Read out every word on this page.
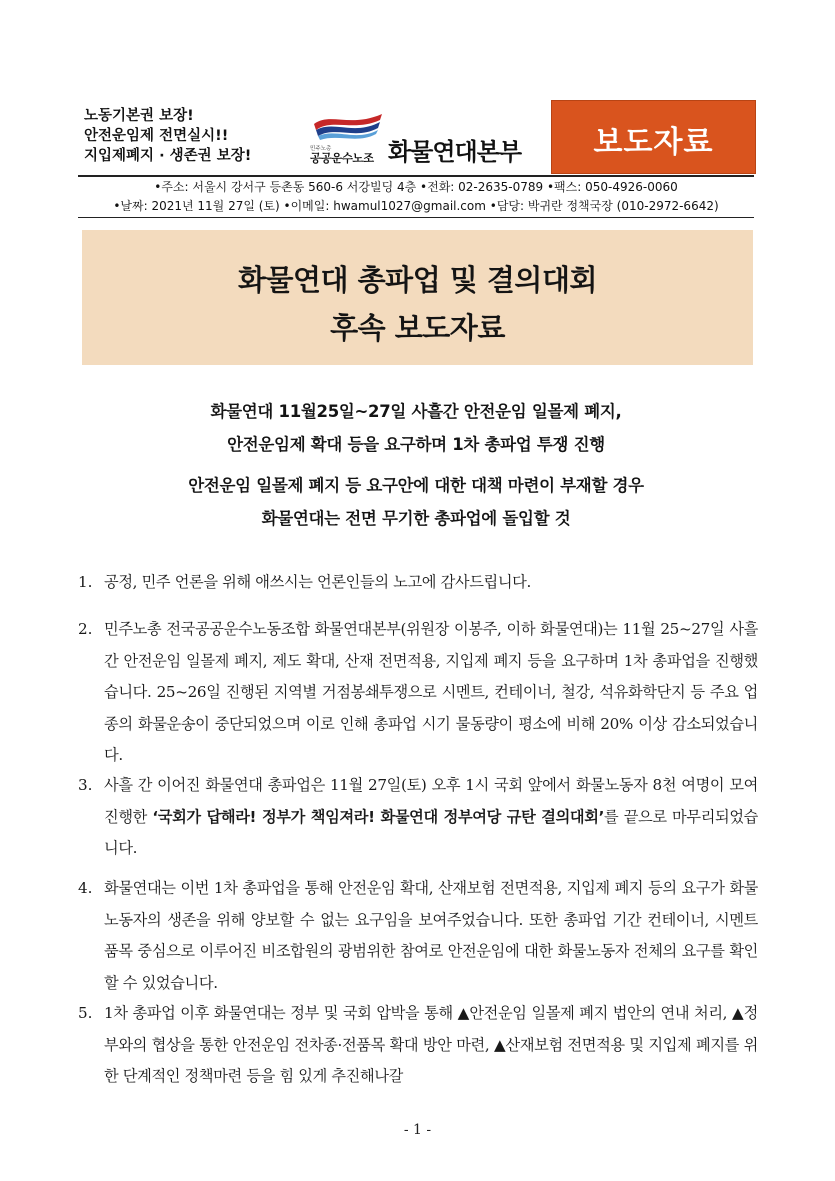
노동기본권 보장!
안전운임제 전면실시!!
지입제폐지 · 생존권 보장!	민주노총
공공운수노조 화물연대본부	보도자료
•주소: 서울시 강서구 등촌동 560-6 서강빌딩 4층 •전화: 02-2635-0789 •팩스: 050-4926-0060
•날짜: 2021년 11월 27일 (토) •이메일: hwamul1027@gmail.com •담당: 박귀란 정책국장 (010-2972-6642)
화물연대 총파업 및 결의대회
후속 보도자료
화물연대 11월25일~27일 사흘간 안전운임 일몰제 폐지,
안전운임제 확대 등을 요구하며 1차 총파업 투쟁 진행
안전운임 일몰제 폐지 등 요구안에 대한 대책 마련이 부재할 경우
화물연대는 전면 무기한 총파업에 돌입할 것
1. 공정, 민주 언론을 위해 애쓰시는 언론인들의 노고에 감사드립니다.
2. 민주노총 전국공공운수노동조합 화물연대본부(위원장 이봉주, 이하 화물연대)는 11월 25~27일 사흘 간 안전운임 일몰제 폐지, 제도 확대, 산재 전면적용, 지입제 폐지 등을 요구하며 1차 총파업을 진행했습니다. 25~26일 진행된 지역별 거점봉쇄투쟁으로 시멘트, 컨테이너, 철강, 석유화학단지 등 주요 업종의 화물운송이 중단되었으며 이로 인해 총파업 시기 물동량이 평소에 비해 20% 이상 감소되었습니다.
3. 사흘 간 이어진 화물연대 총파업은 11월 27일(토) 오후 1시 국회 앞에서 화물노동자 8천 여명이 모여 진행한 ‘국회가 답해라! 정부가 책임져라! 화물연대 정부여당 규탄 결의대회’를 끝으로 마무리되었습니다.
4. 화물연대는 이번 1차 총파업을 통해 안전운임 확대, 산재보험 전면적용, 지입제 폐지 등의 요구가 화물노동자의 생존을 위해 양보할 수 없는 요구임을 보여주었습니다. 또한 총파업 기간 컨테이너, 시멘트 품목 중심으로 이루어진 비조합원의 광범위한 참여로 안전운임에 대한 화물노동자 전체의 요구를 확인할 수 있었습니다.
5. 1차 총파업 이후 화물연대는 정부 및 국회 압박을 통해 ▲안전운임 일몰제 폐지 법안의 연내 처리, ▲정부와의 협상을 통한 안전운임 전차종·전품목 확대 방안 마련, ▲산재보험 전면적용 및 지입제 폐지를 위한 단계적인 정책마련 등을 힘 있게 추진해나갈
- 1 -
